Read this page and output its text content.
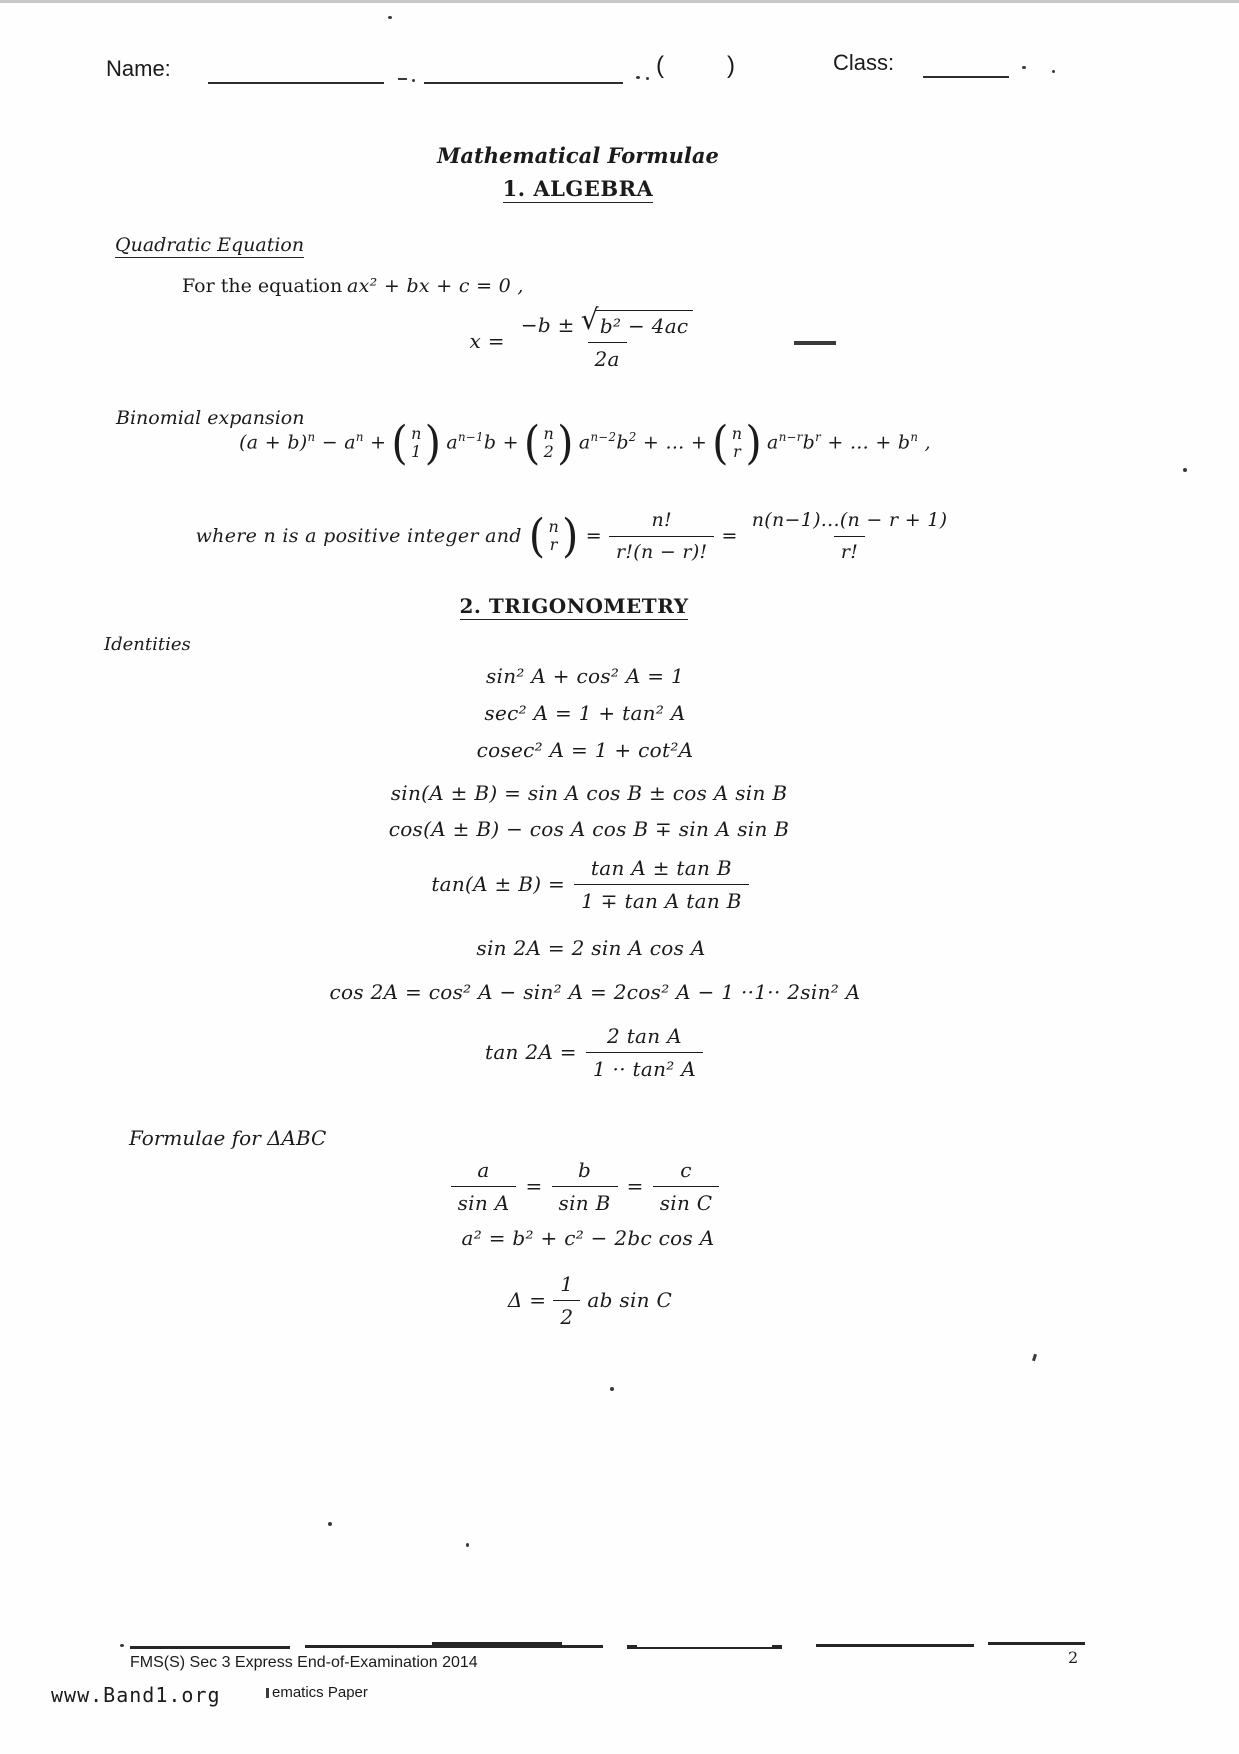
Name:	(	)	Class:
Mathematical Formulae
1. ALGEBRA
Quadratic Equation
For the equation ax² + bx + c = 0 ,
$x = \frac{\text{−b ± √ b² − 4ac}}{2a}$
Binomial expansion
$(a + b)^n - a^n$ + ( n
1 ) $a^{n-1}b$ + ( n
2 ) $a^{n-2}b^2$ + ... + ( n
r ) $a^{n-r}b^r$ + ... + $b^n$ ,
where n is a positive integer and ( n
r ) = $\frac{n!}{r!(n - r)!} = \frac{n(n-1)...(n - r + 1)}{r!}$
2. TRIGONOMETRY
Identities
sin² A + cos² A = 1
sec² A = 1 + tan² A
cosec² A = 1 + cot²A
sin(A ± B) = sin A cos B ± cos A sin B
cos(A ± B) − cos A cos B ∓ sin A sin B
$\tan(A \pm B) = \frac{\text{tan A ± tan B}}{\text{1 ∓ tan A tan B}}$
sin 2A = 2 sin A cos A
cos 2A = cos² A − sin² A = 2cos² A − 1 ··1·· 2sin² A
$\tan 2A = \frac{\text{2 tan A}}{\text{1 ·· tan² A}}$
Formulae for ΔABC
$\frac{a}{\text{sin A}} = \frac{b}{\text{sin B}} = \frac{c}{\text{sin C}}$
a² = b² + c² − 2bc cos A
$\Delta = \frac{1}{2}$ ab sin C
FMS(S) Sec 3 Express End-of-Examination 2014	2
www.Band1.org	ematics Paper
